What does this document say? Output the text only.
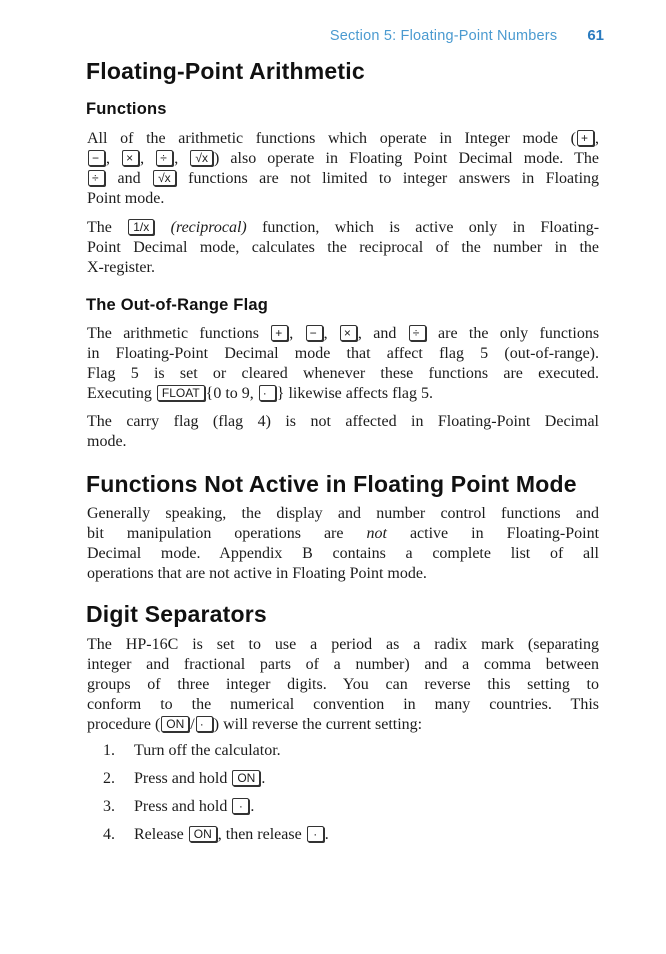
Section 5: Floating-Point Numbers 61
Floating-Point Arithmetic
Functions
All of the arithmetic functions which operate in Integer mode ( + ,
− , × , ÷ , √x ) also operate in Floating Point Decimal mode. The
÷ and √x functions are not limited to integer answers in Floating
Point mode.
The 1/x (reciprocal) function, which is active only in Floating-
Point Decimal mode, calculates the reciprocal of the number in the
X-register.
The Out-of-Range Flag
The arithmetic functions + , − , × , and ÷ are the only functions
in Floating-Point Decimal mode that affect flag 5 (out-of-range).
Flag 5 is set or cleared whenever these functions are executed.
Executing FLOAT {0 to 9, · } likewise affects flag 5.
The carry flag (flag 4) is not affected in Floating-Point Decimal
mode.
Functions Not Active in Floating Point Mode
Generally speaking, the display and number control functions and
bit manipulation operations are not active in Floating-Point
Decimal mode. Appendix B contains a complete list of all
operations that are not active in Floating Point mode.
Digit Separators
The HP-16C is set to use a period as a radix mark (separating
integer and fractional parts of a number) and a comma between
groups of three integer digits. You can reverse this setting to
conform to the numerical convention in many countries. This
procedure ( ON / · ) will reverse the current setting:
1. Turn off the calculator.
2. Press and hold ON .
3. Press and hold · .
4. Release ON , then release · .
